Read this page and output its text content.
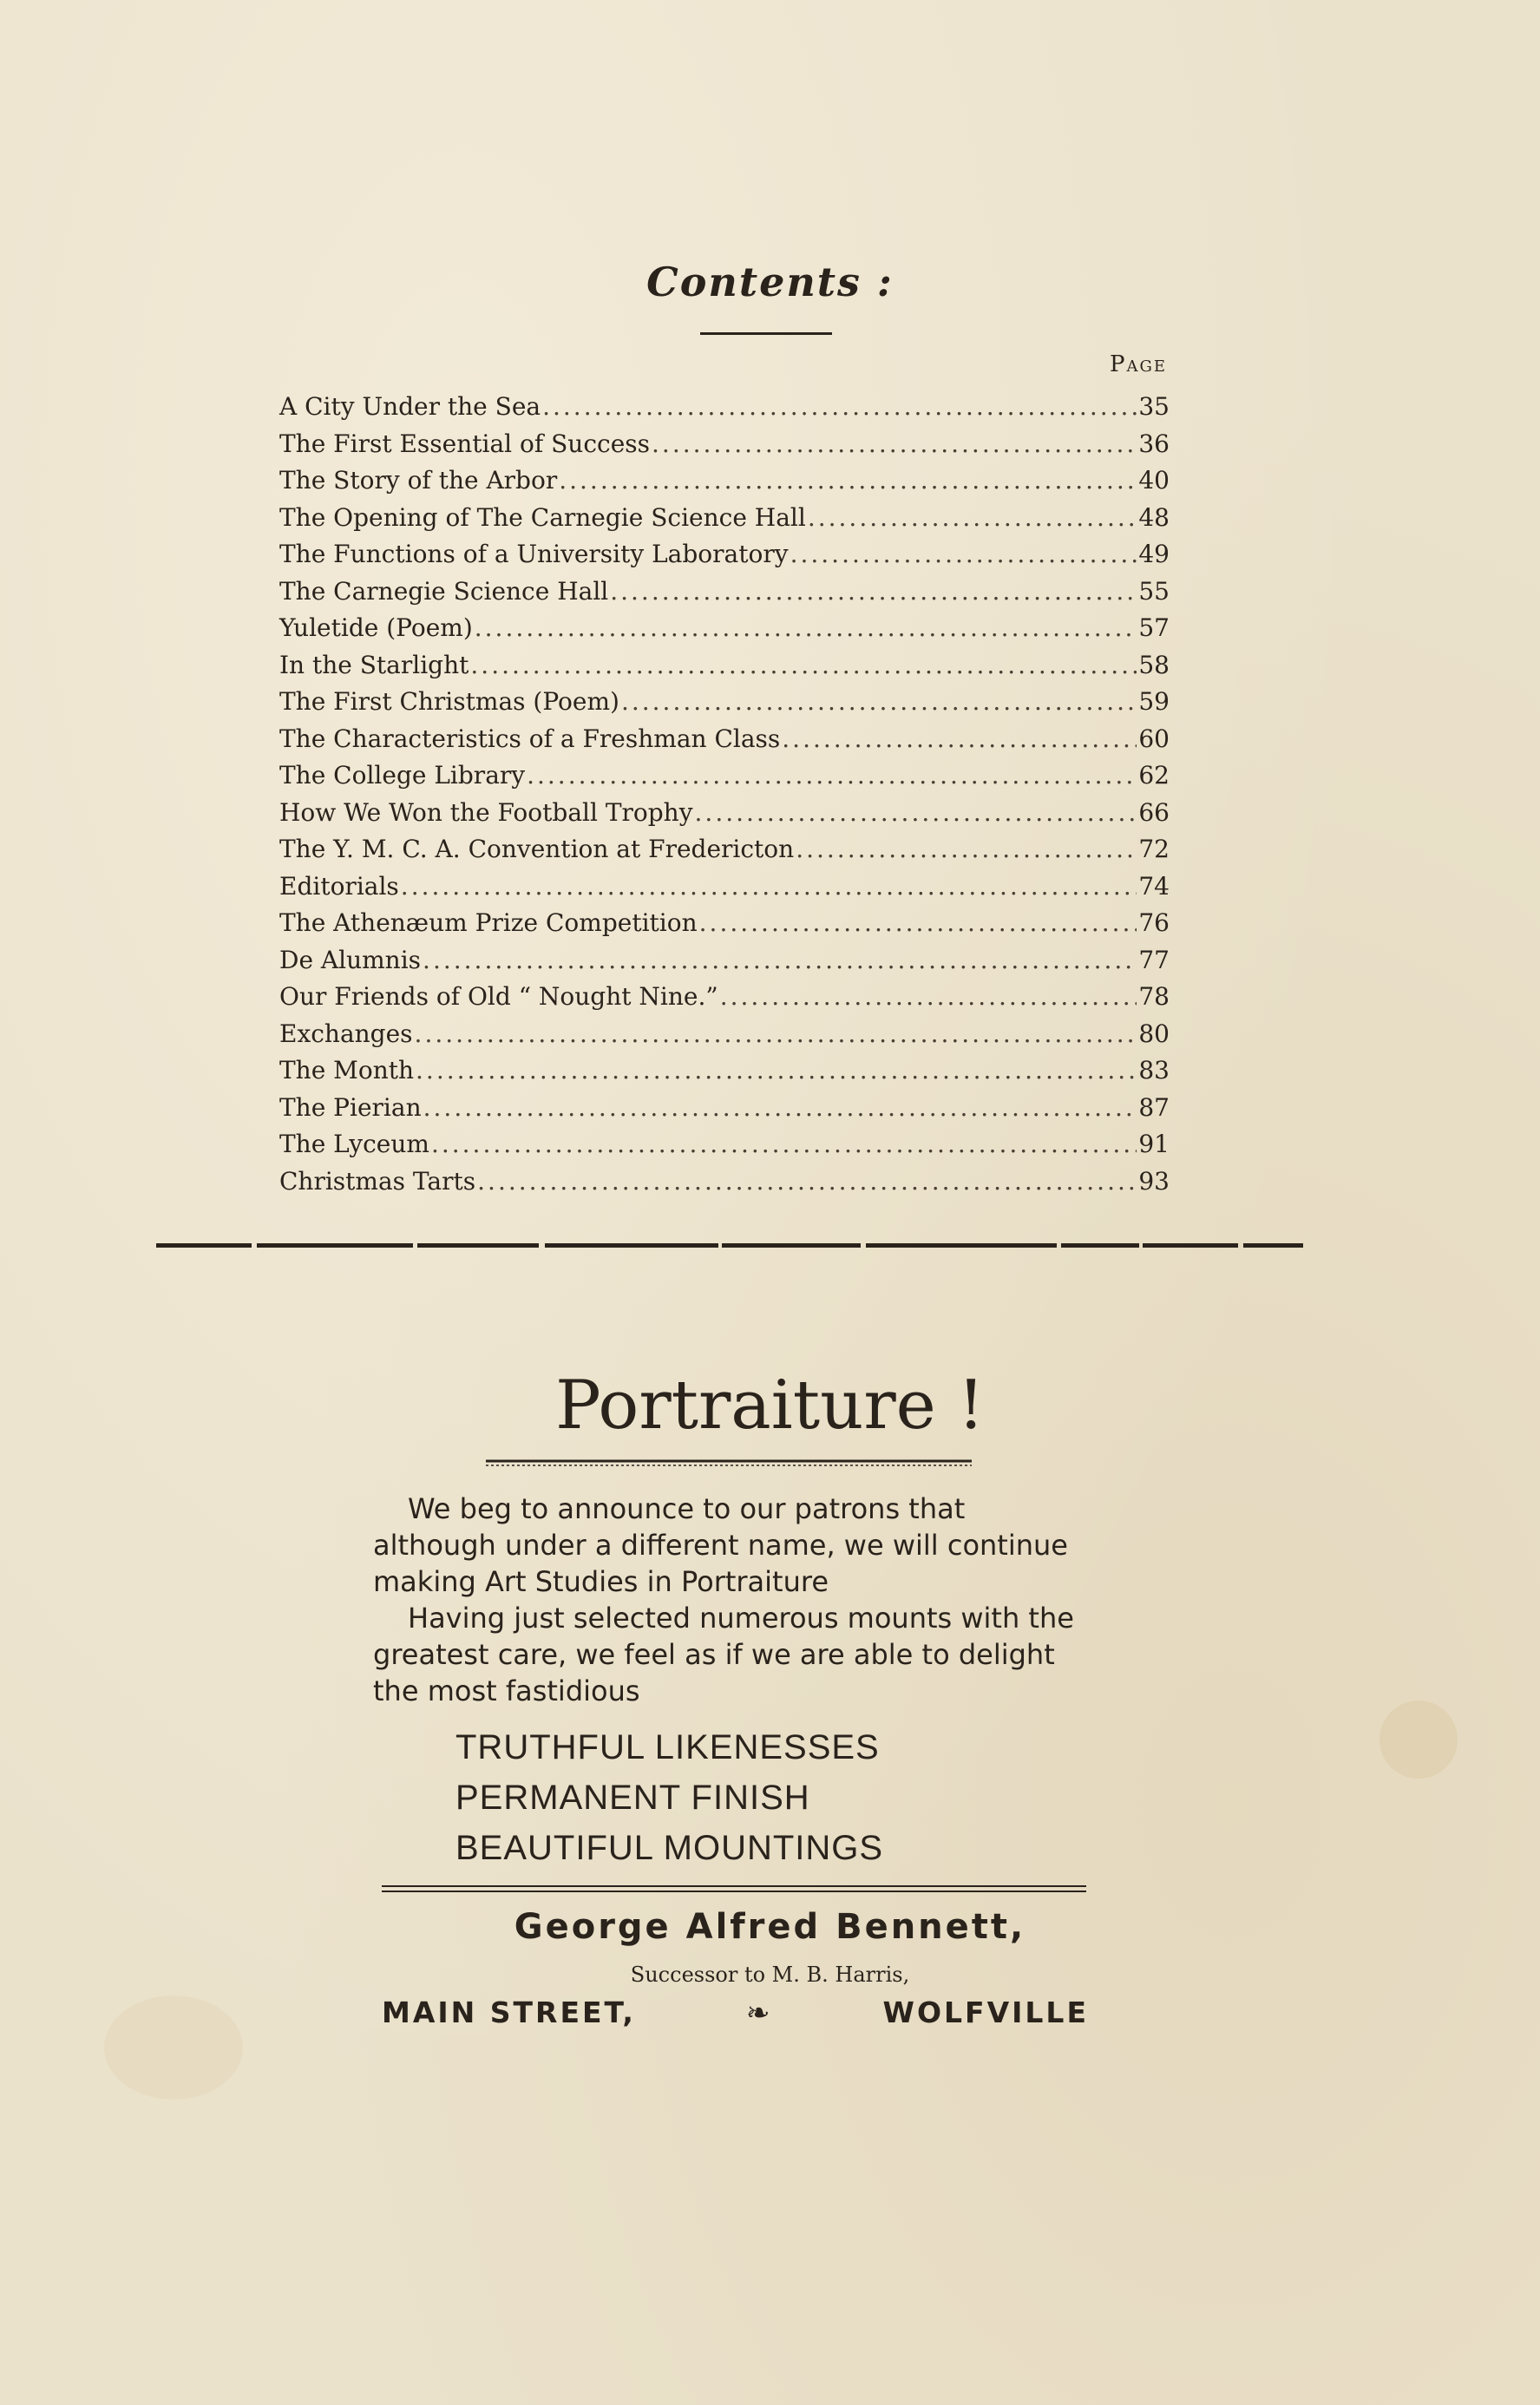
Contents :
Page
A City Under the Sea .....	35
The First Essential of Success .....	36
The Story of the Arbor .....	40
The Opening of The Carnegie Science Hall .....	48
The Functions of a University Laboratory .....	49
The Carnegie Science Hall .....	55
Yuletide (Poem) .....	57
In the Starlight .....	58
The First Christmas (Poem) .....	59
The Characteristics of a Freshman Class .....	60
The College Library .....	62
How We Won the Football Trophy .....	66
The Y. M. C. A. Convention at Fredericton .....	72
Editorials .....	74
The Athenæum Prize Competition .....	76
De Alumnis .....	77
Our Friends of Old “ Nought Nine.” .....	78
Exchanges .....	80
The Month .....	83
The Pierian .....	87
The Lyceum .....	91
Christmas Tarts .....	93
Portraiture !

We beg to announce to our patrons that although under a different name, we will continue making Art Studies in Portraiture

Having just selected numerous mounts with the greatest care, we feel as if we are able to delight the most fastidious

TRUTHFUL LIKENESSES
PERMANENT FINISH
BEAUTIFUL MOUNTINGS
George Alfred Bennett,
Successor to M. B. Harris,
MAIN STREET,	❧	WOLFVILLE
